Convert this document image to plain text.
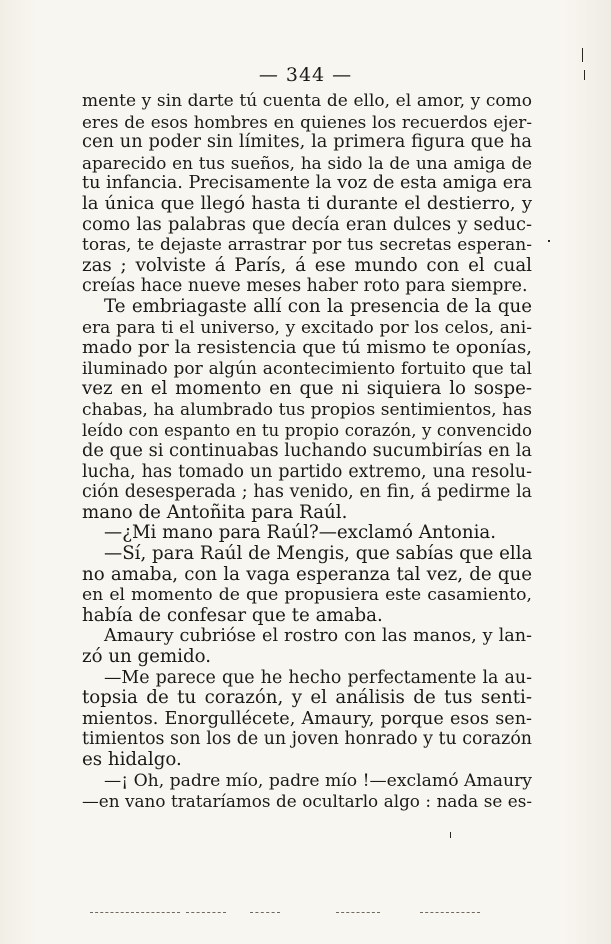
— 344 —
mente y sin darte tú cuenta de ello, el amor, y como
eres de esos hombres en quienes los recuerdos ejer-
cen un poder sin límites, la primera figura que ha
aparecido en tus sueños, ha sido la de una amiga de
tu infancia. Precisamente la voz de esta amiga era
la única que llegó hasta ti durante el destierro, y
como las palabras que decía eran dulces y seduc-
toras, te dejaste arrastrar por tus secretas esperan-
zas ; volviste á París, á ese mundo con el cual
creías hace nueve meses haber roto para siempre.
Te embriagaste allí con la presencia de la que
era para ti el universo, y excitado por los celos, ani-
mado por la resistencia que tú mismo te oponías,
iluminado por algún acontecimiento fortuito que tal
vez en el momento en que ni siquiera lo sospe-
chabas, ha alumbrado tus propios sentimientos, has
leído con espanto en tu propio corazón, y convencido
de que si continuabas luchando sucumbirías en la
lucha, has tomado un partido extremo, una resolu-
ción desesperada ; has venido, en fin, á pedirme la
mano de Antoñita para Raúl.
—¿Mi mano para Raúl?—exclamó Antonia.
—Sí, para Raúl de Mengis, que sabías que ella
no amaba, con la vaga esperanza tal vez, de que
en el momento de que propusiera este casamiento,
había de confesar que te amaba.
Amaury cubrióse el rostro con las manos, y lan-
zó un gemido.
—Me parece que he hecho perfectamente la au-
topsia de tu corazón, y el análisis de tus senti-
mientos. Enorgullécete, Amaury, porque esos sen-
timientos son los de un joven honrado y tu corazón
es hidalgo.
—¡ Oh, padre mío, padre mío !—exclamó Amaury
—en vano trataríamos de ocultarlo algo : nada se es-
